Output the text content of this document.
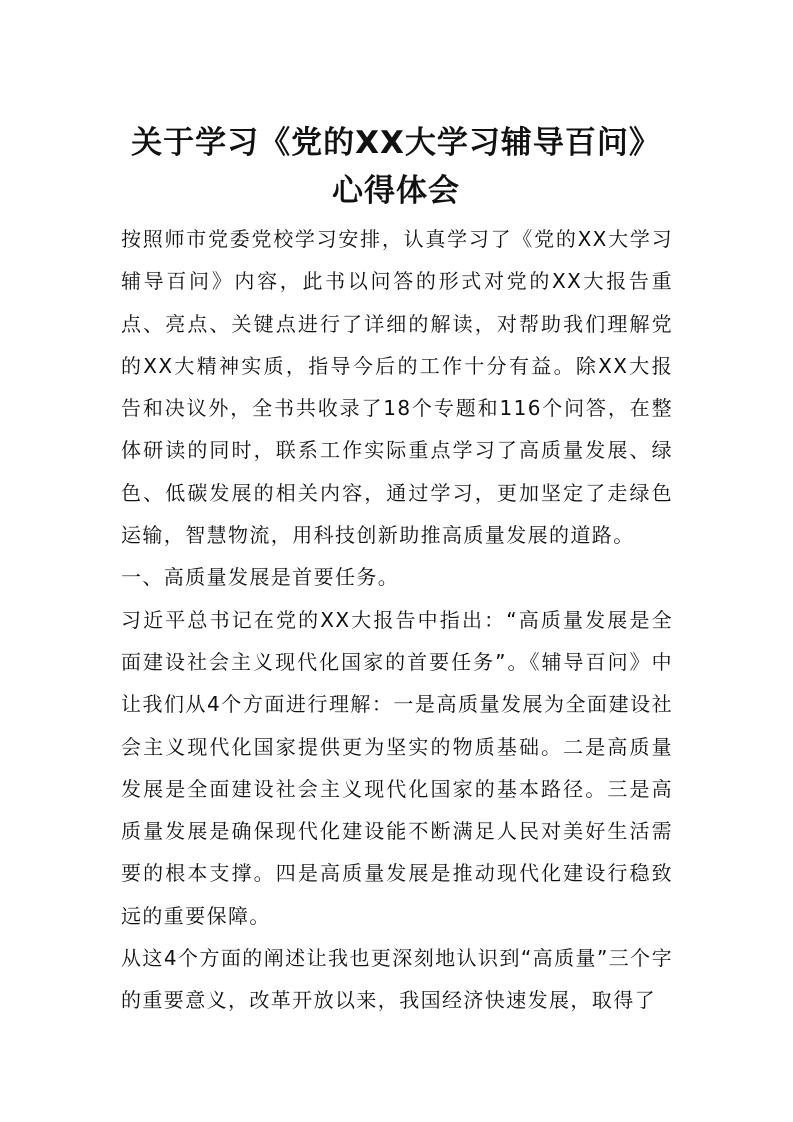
关于学习《党的XX大学习辅导百问》心得体会

按照师市党委党校学习安排，认真学习了《党的XX大学习辅导百问》内容，此书以问答的形式对党的XX大报告重点、亮点、关键点进行了详细的解读，对帮助我们理解党的XX大精神实质，指导今后的工作十分有益。除XX大报告和决议外，全书共收录了18个专题和116个问答，在整体研读的同时，联系工作实际重点学习了高质量发展、绿色、低碳发展的相关内容，通过学习，更加坚定了走绿色运输，智慧物流，用科技创新助推高质量发展的道路。

一、高质量发展是首要任务。

习近平总书记在党的XX大报告中指出：“高质量发展是全面建设社会主义现代化国家的首要任务”。《辅导百问》中让我们从4个方面进行理解：一是高质量发展为全面建设社会主义现代化国家提供更为坚实的物质基础。二是高质量发展是全面建设社会主义现代化国家的基本路径。三是高质量发展是确保现代化建设能不断满足人民对美好生活需要的根本支撑。四是高质量发展是推动现代化建设行稳致远的重要保障。

从这4个方面的阐述让我也更深刻地认识到“高质量”三个字的重要意义，改革开放以来，我国经济快速发展，取得了
